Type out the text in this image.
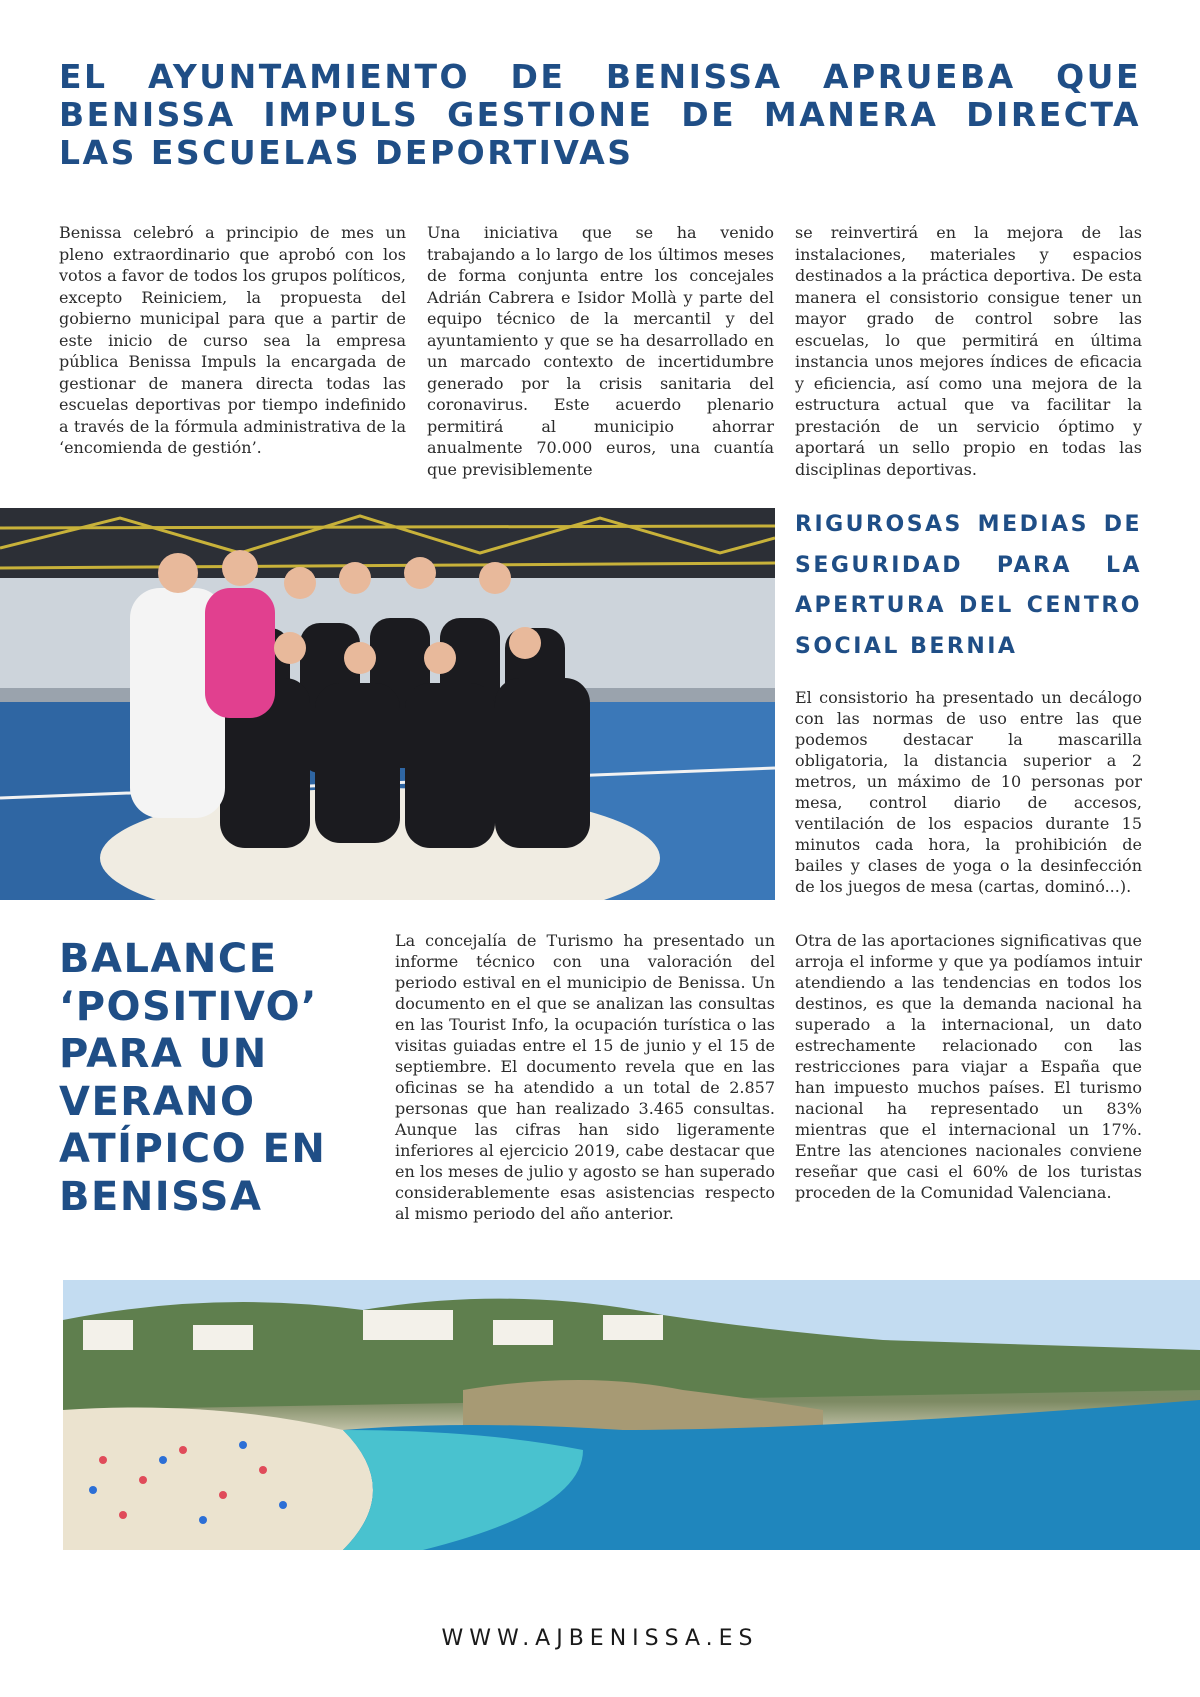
EL AYUNTAMIENTO DE BENISSA APRUEBA QUE BENISSA IMPULS GESTIONE DE MANERA DIRECTA LAS ESCUELAS DEPORTIVAS

Benissa celebró a principio de mes un pleno extraordinario que aprobó con los votos a favor de todos los grupos políticos, excepto Reiniciem, la propuesta del gobierno municipal para que a partir de este inicio de curso sea la empresa pública Benissa Impuls la encargada de gestionar de manera directa todas las escuelas deportivas por tiempo indefinido a través de la fórmula administrativa de la ‘encomienda de gestión’.

Una iniciativa que se ha venido trabajando a lo largo de los últimos meses de forma conjunta entre los concejales Adrián Cabrera e Isidor Mollà y parte del equipo técnico de la mercantil y del ayuntamiento y que se ha desarrollado en un marcado contexto de incertidumbre generado por la crisis sanitaria del coronavirus. Este acuerdo plenario permitirá al municipio ahorrar anualmente 70.000 euros, una cuantía que previsiblemente

se reinvertirá en la mejora de las instalaciones, materiales y espacios destinados a la práctica deportiva. De esta manera el consistorio consigue tener un mayor grado de control sobre las escuelas, lo que permitirá en última instancia unos mejores índices de eficacia y eficiencia, así como una mejora de la estructura actual que va facilitar la prestación de un servicio óptimo y aportará un sello propio en todas las disciplinas deportivas.

RIGUROSAS MEDIAS DE SEGURIDAD PARA LA APERTURA DEL CENTRO SOCIAL BERNIA

El consistorio ha presentado un decálogo con las normas de uso entre las que podemos destacar la mascarilla obligatoria, la distancia superior a 2 metros, un máximo de 10 personas por mesa, control diario de accesos, ventilación de los espacios durante 15 minutos cada hora, la prohibición de bailes y clases de yoga o la desinfección de los juegos de mesa (cartas, dominó...).

BALANCE ‘POSITIVO’ PARA UN VERANO ATÍPICO EN BENISSA

La concejalía de Turismo ha presentado un informe técnico con una valoración del periodo estival en el municipio de Benissa. Un documento en el que se analizan las consultas en las Tourist Info, la ocupación turística o las visitas guiadas entre el 15 de junio y el 15 de septiembre. El documento revela que en las oficinas se ha atendido a un total de 2.857 personas que han realizado 3.465 consultas. Aunque las cifras han sido ligeramente inferiores al ejercicio 2019, cabe destacar que en los meses de julio y agosto se han superado considerablemente esas asistencias respecto al mismo periodo del año anterior.

Otra de las aportaciones significativas que arroja el informe y que ya podíamos intuir atendiendo a las tendencias en todos los destinos, es que la demanda nacional ha superado a la internacional, un dato estrechamente relacionado con las restricciones para viajar a España que han impuesto muchos países. El turismo nacional ha representado un 83% mientras que el internacional un 17%. Entre las atenciones nacionales conviene reseñar que casi el 60% de los turistas proceden de la Comunidad Valenciana.

WWW.AJBENISSA.ES
